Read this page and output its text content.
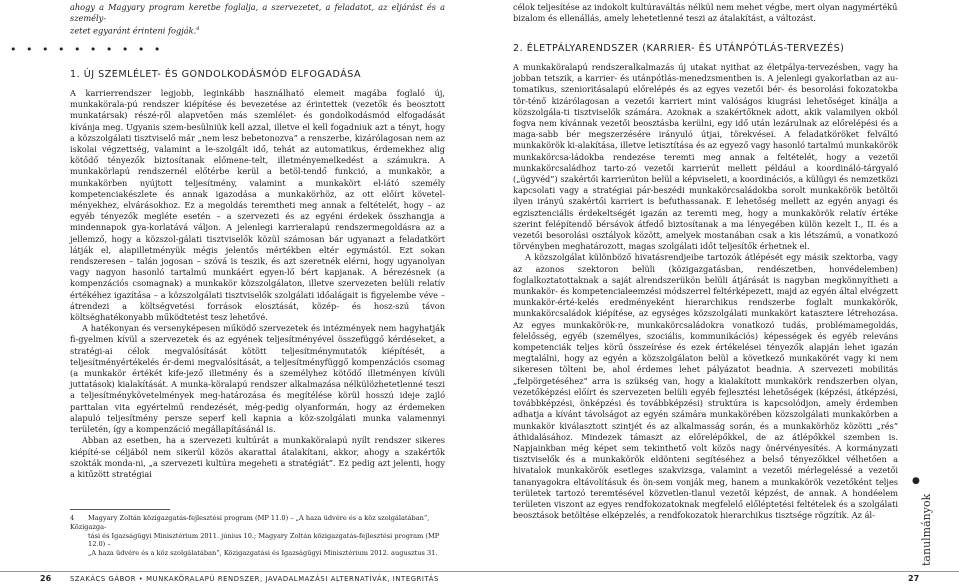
ahogy a Magyary program keretbe foglalja, a szervezetet, a feladatot, az eljárást és a személy-
zetet egyaránt érinteni fogják.$^4$
célok teljesítése az indokolt kultúraváltás nélkül nem mehet végbe, mert olyan nagymértékű
bizalom és ellenállás, amely lehetetlenné teszi az átalakítást, a változást.
• • • • • • • • • •
1. ÚJ SZEMLÉLET- ÉS GONDOLKODÁSMÓD ELFOGADÁSA
2. ÉLETPÁLYARENDSZER (KARRIER- ÉS UTÁNPÓTLÁS-TERVEZÉS)

A karrierrendszer legjobb, leginkább használható elemeit magába foglaló új, munkakörala-pú rendszer kiépítése és bevezetése az érintettek (vezetők és beosztott munkatársak) részé-ről alapvetően más szemlélet- és gondolkodásmód elfogadását kívánja meg. Ugyanis szem-besülniük kell azzal, illetve el kell fogadniuk azt a tényt, hogy a közszolgálati tisztviselő már „nem lesz bebetonozva” a renszerbe, kizárólagosan nem az iskolai végzettség, valamint a le-szolgált idő, tehát az automatikus, érdemekhez alig kötődő tényezők biztosítanak előmene-telt, illetményemelkedést a számukra. A munkakörlapú rendszernél előtérbe kerül a betöl-tendő funkció, a munkakör, a munkakörben nyújtott teljesítmény, valamint a munkakört el-látó személy kompetenciakészlete és annak igazodása a munkakörhöz, az ott előírt követel-ményekhez, elvárásokhoz. Ez a megoldás teremtheti meg annak a feltételét, hogy – az egyéb tényezők megléte esetén – a szervezeti és az egyéni érdekek összhangja a mindennapok gya-korlatává váljon. A jelenlegi karrieralapú rendszermegoldásra az a jellemző, hogy a közszol-gálati tisztviselők közül számosan bár ugyanazt a feladatkört látják el, alapilletményük mégis jelentős mértékben eltér egymástól. Ezt sokan rendszeresen – talán jogosan – szóvá is teszik, és azt szeretnék elérni, hogy ugyanolyan vagy nagyon hasonló tartalmú munkáért egyen-lő bért kapjanak. A bérezésnek (a kompenzációs csomagnak) a munkakör közszolgálaton, illetve szervezeten belüli relatív értékéhez igazítása – a közszolgálati tisztviselők szolgálati időalágait is figyelembe véve – átrendezi a költségvetési források elosztását, közép- és hosz-szú távon költséghatékonyabb működtetést tesz lehetővé.

A hatékonyan és versenyképesen működő szervezetek és intézmények nem hagyhatják fi-gyelmen kívül a szervezetek és az egyének teljesítményével összefüggő kérdéseket, a stratégi-ai célok megvalósítását kötött teljesítménymutatók kiépítését, a teljesítményértékelés ér-demi megvalósítását, a teljesítményfüggő kompenzációs csomag (a munkakör értékét kife-jező illetmény és a személyhez kötődő illetményen kívüli juttatások) kialakítását. A munka-köralapú rendszer alkalmazása nélkülözhetetlenné teszi a teljesítménykövetelmények meg-határozása és megítélése körül hosszú ideje zajló parttalan vita egyértelmű rendezését, még-pedig olyanformán, hogy az érdemeken alapuló teljesítmény persze seperf kell kapnia a köz-szolgálati munka valamennyi területén, így a kompenzáció megállapításánál is.

Abban az esetben, ha a szervezeti kultúrát a munkaköralapú nyílt rendszer sikeres kiépíté-se céljából nem sikerül közös akarattal átalakítani, akkor, ahogy a szakértők szokták monda-ni, „a szervezeti kultúra megeheti a stratégiát”. Ez pedig azt jelenti, hogy a kitűzött stratégiai

A munkaköralapú rendszeralkalmazás új utakat nyithat az életpálya-tervezésben, vagy ha jobban tetszik, a karrier- és utánpótlás-menedzsmentben is. A jelenlegi gyakorlatban az au-tomatikus, szenioritásalapú előrelépés és az egyes vezetői bér- és besorolási fokozatokba tör-ténő kizárólagosan a vezetői karriert mint valóságos kiugrási lehetőséget kínálja a közszolgála-ti tisztviselők számára. Azoknak a szakértőknek adott, akik valamilyen okból fogva nem kívánnak vezetői beosztásba kerülni, egy idő után lezárulnak az előrelépési és a maga-sabb bér megszerzésére irányuló útjai, törekvései. A feladatköröket felváltó munkakörök ki-alakítása, illetve letisztítása és az egyező vagy hasonló tartalmú munkakörök munkakörcsa-ládokba rendezése teremti meg annak a feltételét, hogy a vezetői munkakörcsaládhoz tarto-zó vezetői karrierút mellett például a koordináló-tárgyaló („ügyvéd”) szakértői karrierúton belül a képviseleti, a koordinációs, a külügyi és nemzetközi kapcsolati vagy a stratégiai pár-beszédi munkakörcsaládokba sorolt munkakörök betöltői ilyen irányú szakértői karriert is befuthassanak. E lehetőség mellett az egyén anyagi és egzisztenciális érdekeltségét igazán az teremti meg, hogy a munkakörök relatív értéke szerint felépítendő bérsávok átfedő biztosítanak a ma lényegében külön kezelt I., II. és a vezetői besorolási osztályok között, amelyek mostanában csak a kis létszámú, a vonatkozó törvényben meghatározott, magas szolgálati időt teljesítők érhetnek el.

A közszolgálat különböző hivatásrendjeibe tartozók átlépését egy másik szektorba, vagy az azonos szektoron belüli (közigazgatásban, rendészetben, honvédelemben) foglalkoztatottaknak a saját alrendszerükön belüli átjárását is nagyban megkönnyítheti a munkakör- és kompetencialeemzési módszerrel feltérképezett, majd az egyén által elvégzett munkakör-érté-kelés eredményeként hierarchikus rendszerbe foglalt munkakörök, munkakörcsaládok kiépítése, az egységes közszolgálati munkakört katasztere létrehozása. Az egyes munkakörök-re, munkakörcsaládokra vonatkozó tudás, problémamegoldás, felelősség, egyéb (személyes, szociális, kommunikációs) képességek és egyéb releváns kompetenciák teljes körű összeírése és ezek értékelései tényezők alapján lehet igazán megtalálni, hogy az egyén a közszolgálaton belül a következő munkakörét vagy ki nem sikeresen tölteni be, ahol érdemes lehet pályázatot beadnia. A szervezeti mobilitás „felpörgetéséhez” arra is szükség van, hogy a kialakított munkakörk rendszerben olyan, vezetőképzési előírt és szervezeten belüli egyéb fejlesztési lehetőségek (képzési, átképzési, továbbképzési, önképzési és továbbképzési) struktúra is kapcsolódjon, amely érdemben adhatja a kívánt távolságot az egyén számára munkakörében közszolgálati munkakörben a munkakör kiválasztott szintjét és az alkalmasság során, és a munkakörhöz közötti „rés” áthidalásához. Mindezek támaszt az előrelépőkkel, de az átlépőkkel szemben is. Napjainkban még képet sem tekinthető volt közös nagy önérvényesítés. A kormányzati tisztviselők és a munkakörök eldönteni segítéséhez a belső tényezőkkel vélhetően a hivatalok munkakörök esetleges szakvizsga, valamint a vezetői mérlegeléssé a vezetői tananyagokra eltávolításuk és ön-sem vonják meg, hanem a munkakörök vezetőként teljes területek tartozó teremtésével közvetlen-tlanul vezetői képzést, de annak. A hondéelem területen viszont az egyes rendfokozatoknak megfelelő előléptetési feltételek és a szolgálati beosztások betöltése elképzelés, a rendfokozatok hierarchikus tisztsége rögzítik. Az ál-

4 Magyary Zoltán közigazgatás-fejlesztési program (MP 11.0) – „A haza üdvére és a köz szolgálatában”, Közigazga-
tási és Igazságügyi Minisztérium 2011. június 10.; Magyary Zoltán közigazgatás-fejlesztési program (MP 12.0) –
„A haza üdvére és a köz szolgálatában”, Közigazgatási és Igazságügyi Minisztérium 2012. augusztus 31.
●
tanulmányok
26	SZAKÁCS GÁBOR • MUNKAKÖRALAPÚ RENDSZER, JAVADALMAZÁSI ALTERNATÍVÁK, INTEGRITÁS	27
